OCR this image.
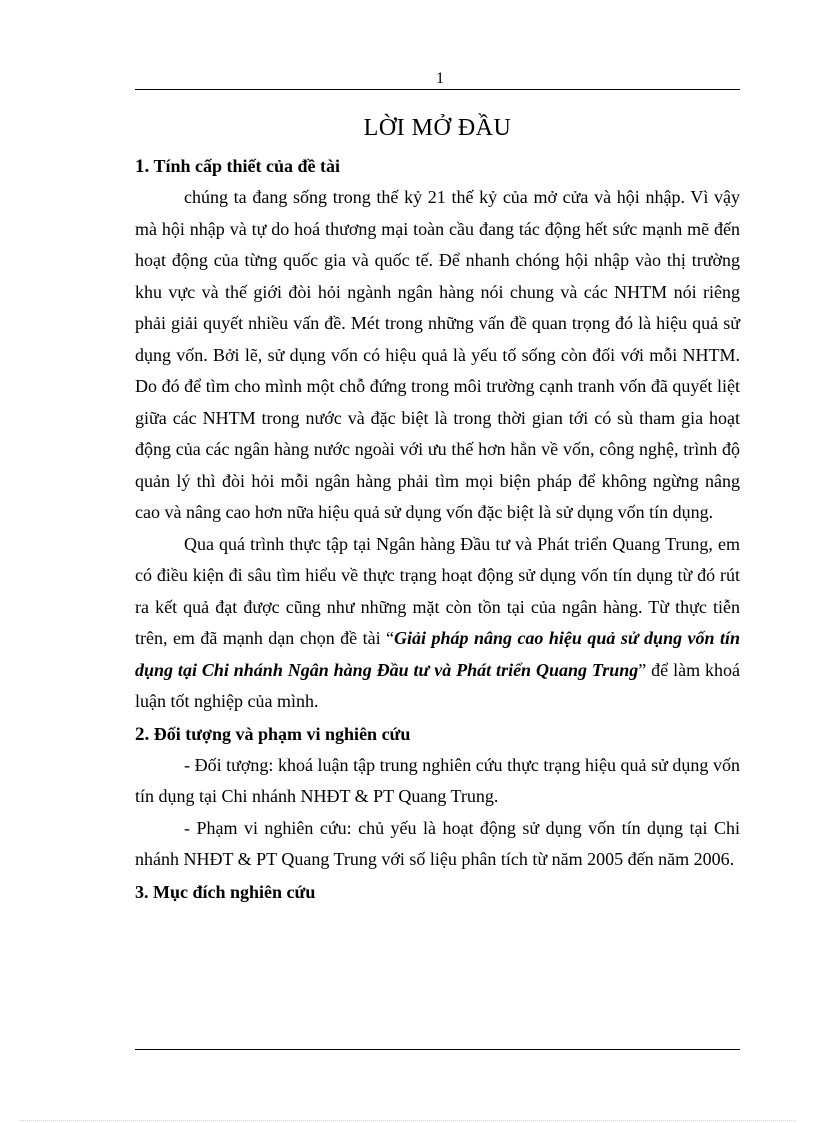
1
LỜI MỞ ĐẦU
1. Tính cấp thiết của đề tài

chúng ta đang sống trong thế kỷ 21 thế kỷ của mở cửa và hội nhập. Vì vậy mà hội nhập và tự do hoá thương mại toàn cầu đang tác động hết sức mạnh mẽ đến hoạt động của từng quốc gia và quốc tế. Để nhanh chóng hội nhập vào thị trường khu vực và thế giới đòi hỏi ngành ngân hàng nói chung và các NHTM nói riêng phải giải quyết nhiều vấn đề. Mét trong những vấn đề quan trọng đó là hiệu quả sử dụng vốn. Bởi lẽ, sử dụng vốn có hiệu quả là yếu tố sống còn đối với mỗi NHTM. Do đó để tìm cho mình một chỗ đứng trong môi trường cạnh tranh vốn đã quyết liệt giữa các NHTM trong nước và đặc biệt là trong thời gian tới có sù tham gia hoạt động của các ngân hàng nước ngoài với ưu thế hơn hẳn về vốn, công nghệ, trình độ quản lý thì đòi hỏi mỗi ngân hàng phải tìm mọi biện pháp để không ngừng nâng cao và nâng cao hơn nữa hiệu quả sử dụng vốn đặc biệt là sử dụng vốn tín dụng.

Qua quá trình thực tập tại Ngân hàng Đầu tư và Phát triển Quang Trung, em có điều kiện đi sâu tìm hiểu về thực trạng hoạt động sử dụng vốn tín dụng từ đó rút ra kết quả đạt được cũng như những mặt còn tồn tại của ngân hàng. Từ thực tiễn trên, em đã mạnh dạn chọn đề tài “Giải pháp nâng cao hiệu quả sử dụng vốn tín dụng tại Chi nhánh Ngân hàng Đầu tư và Phát triển Quang Trung” để làm khoá luận tốt nghiệp của mình.

2. Đối tượng và phạm vi nghiên cứu

- Đối tượng: khoá luận tập trung nghiên cứu thực trạng hiệu quả sử dụng vốn tín dụng tại Chi nhánh NHĐT & PT Quang Trung.

- Phạm vi nghiên cứu: chủ yếu là hoạt động sử dụng vốn tín dụng tại Chi nhánh NHĐT & PT Quang Trung với số liệu phân tích từ năm 2005 đến năm 2006.

3. Mục đích nghiên cứu
